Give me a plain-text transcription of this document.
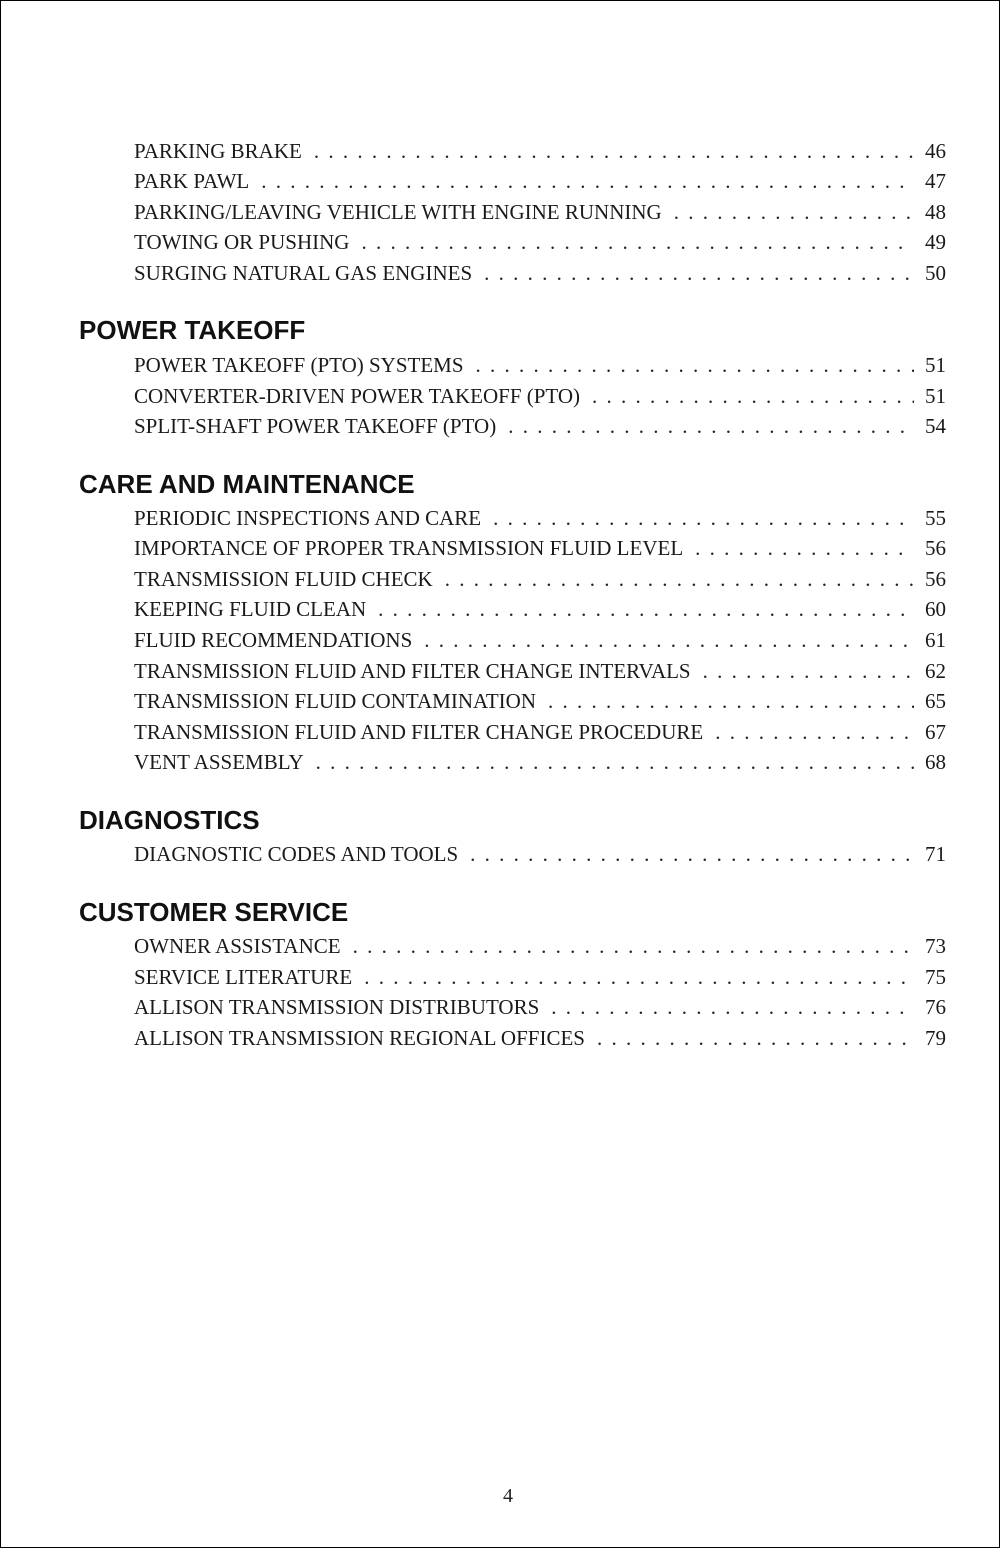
PARKING BRAKE . . .	46
PARK PAWL . . .	47
PARKING/LEAVING VEHICLE WITH ENGINE RUNNING . . .	48
TOWING OR PUSHING . . .	49
SURGING NATURAL GAS ENGINES . . .	50
POWER TAKEOFF
POWER TAKEOFF (PTO) SYSTEMS . . .	51
CONVERTER-DRIVEN POWER TAKEOFF (PTO) . . .	51
SPLIT-SHAFT POWER TAKEOFF (PTO) . . .	54
CARE AND MAINTENANCE
PERIODIC INSPECTIONS AND CARE . . .	55
IMPORTANCE OF PROPER TRANSMISSION FLUID LEVEL . . .	56
TRANSMISSION FLUID CHECK . . .	56
KEEPING FLUID CLEAN . . .	60
FLUID RECOMMENDATIONS . . .	61
TRANSMISSION FLUID AND FILTER CHANGE INTERVALS . . .	62
TRANSMISSION FLUID CONTAMINATION . . .	65
TRANSMISSION FLUID AND FILTER CHANGE PROCEDURE . . .	67
VENT ASSEMBLY . . .	68
DIAGNOSTICS
DIAGNOSTIC CODES AND TOOLS . . .	71
CUSTOMER SERVICE
OWNER ASSISTANCE . . .	73
SERVICE LITERATURE . . .	75
ALLISON TRANSMISSION DISTRIBUTORS . . .	76
ALLISON TRANSMISSION REGIONAL OFFICES . . .	79
4
